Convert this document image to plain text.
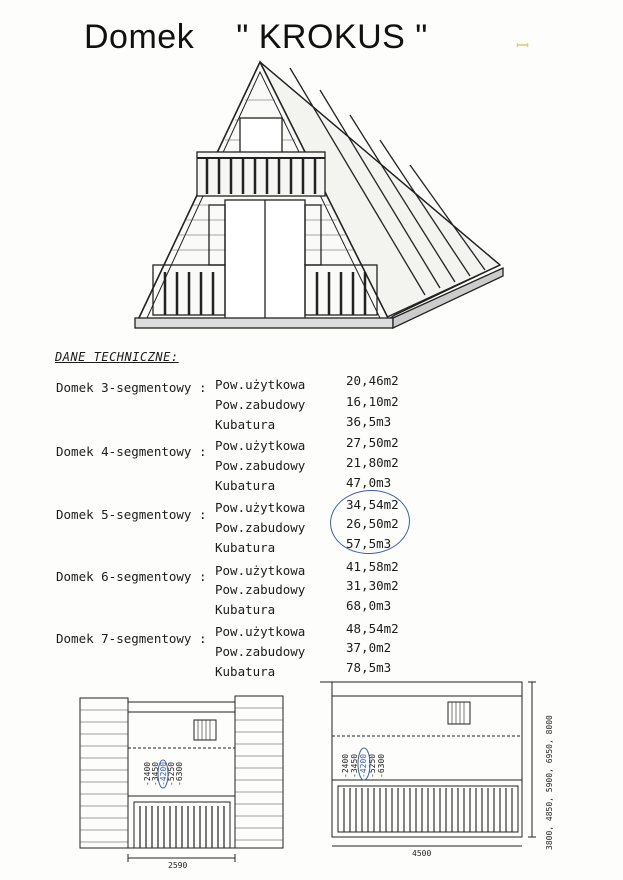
Domek " KROKUS "	ꟷ
DANE TECHNICZNE:
Domek 3-segmentowy : Pow.użytkowa	20,46m2
Pow.zabudowy	16,10m2
Kubatura	36,5m3
Domek 4-segmentowy : Pow.użytkowa	27,50m2
Pow.zabudowy	21,80m2
Kubatura	47,0m3
Domek 5-segmentowy : Pow.użytkowa	34,54m2
Pow.zabudowy	26,50m2
Kubatura	57,5m3
Domek 6-segmentowy : Pow.użytkowa	41,58m2
Pow.zabudowy	31,30m2
Kubatura	68,0m3
Domek 7-segmentowy : Pow.użytkowa	48,54m2
Pow.zabudowy	37,0m2
Kubatura	78,5m3
-2400 -3450 -4200 -5250 -6300
2590
-2400 -3450 -4200 -5250 -6300	3800, 4850, 5900, 6950, 8000
4500
